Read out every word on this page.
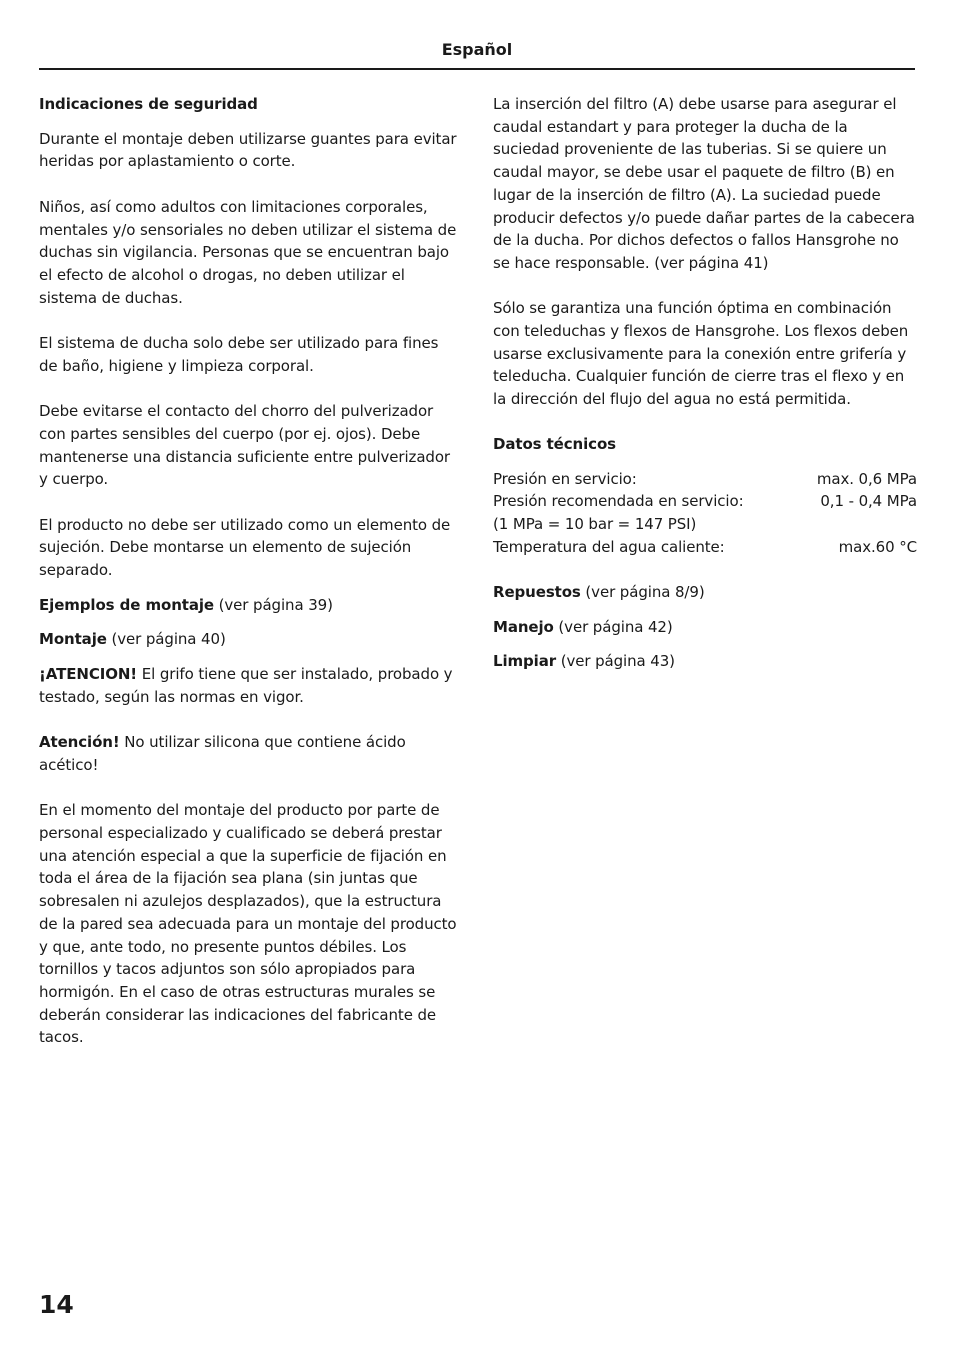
Español

Indicaciones de seguridad

Durante el montaje deben utilizarse guantes para evitar heridas por aplastamiento o corte.

Niños, así como adultos con limitaciones corporales, mentales y/o sensoriales no deben utilizar el sistema de duchas sin vigilancia. Personas que se encuentran bajo el efecto de alcohol o drogas, no deben utilizar el sistema de duchas.

El sistema de ducha solo debe ser utilizado para fines de baño, higiene y limpieza corporal.

Debe evitarse el contacto del chorro del pulverizador con partes sensibles del cuerpo (por ej. ojos). Debe mantenerse una distancia suficiente entre pulverizador y cuerpo.

El producto no debe ser utilizado como un elemento de sujeción. Debe montarse un elemento de sujeción separado.

Ejemplos de montaje (ver página 39)

Montaje (ver página 40)

¡ATENCION! El grifo tiene que ser instalado, probado y testado, según las normas en vigor.

Atención! No utilizar silicona que contiene ácido acético!

En el momento del montaje del producto por parte de personal especializado y cualificado se deberá prestar una atención especial a que la superficie de fijación en toda el área de la fijación sea plana (sin juntas que sobresalen ni azulejos desplazados), que la estructura de la pared sea adecuada para un montaje del producto y que, ante todo, no presente puntos débiles. Los tornillos y tacos adjuntos son sólo apropiados para hormigón. En el caso de otras estructuras murales se deberán considerar las indicaciones del fabricante de tacos.

La inserción del filtro (A) debe usarse para asegurar el caudal estandart y para proteger la ducha de la suciedad proveniente de las tuberias. Si se quiere un caudal mayor, se debe usar el paquete de filtro (B) en lugar de la inserción de filtro (A). La suciedad puede producir defectos y/o puede dañar partes de la cabecera de la ducha. Por dichos defectos o fallos Hansgrohe no se hace responsable. (ver página 41)

Sólo se garantiza una función óptima en combinación con teleduchas y flexos de Hansgrohe. Los flexos deben usarse exclusivamente para la conexión entre grifería y teleducha. Cualquier función de cierre tras el flexo y en la dirección del flujo del agua no está permitida.

Datos técnicos

Presión en servicio:	max. 0,6 MPa
Presión recomendada en servicio:	0,1 - 0,4 MPa
(1 MPa = 10 bar = 147 PSI)
Temperatura del agua caliente:	max.60 °C

Repuestos (ver página 8/9)

Manejo (ver página 42)

Limpiar (ver página 43)

14
